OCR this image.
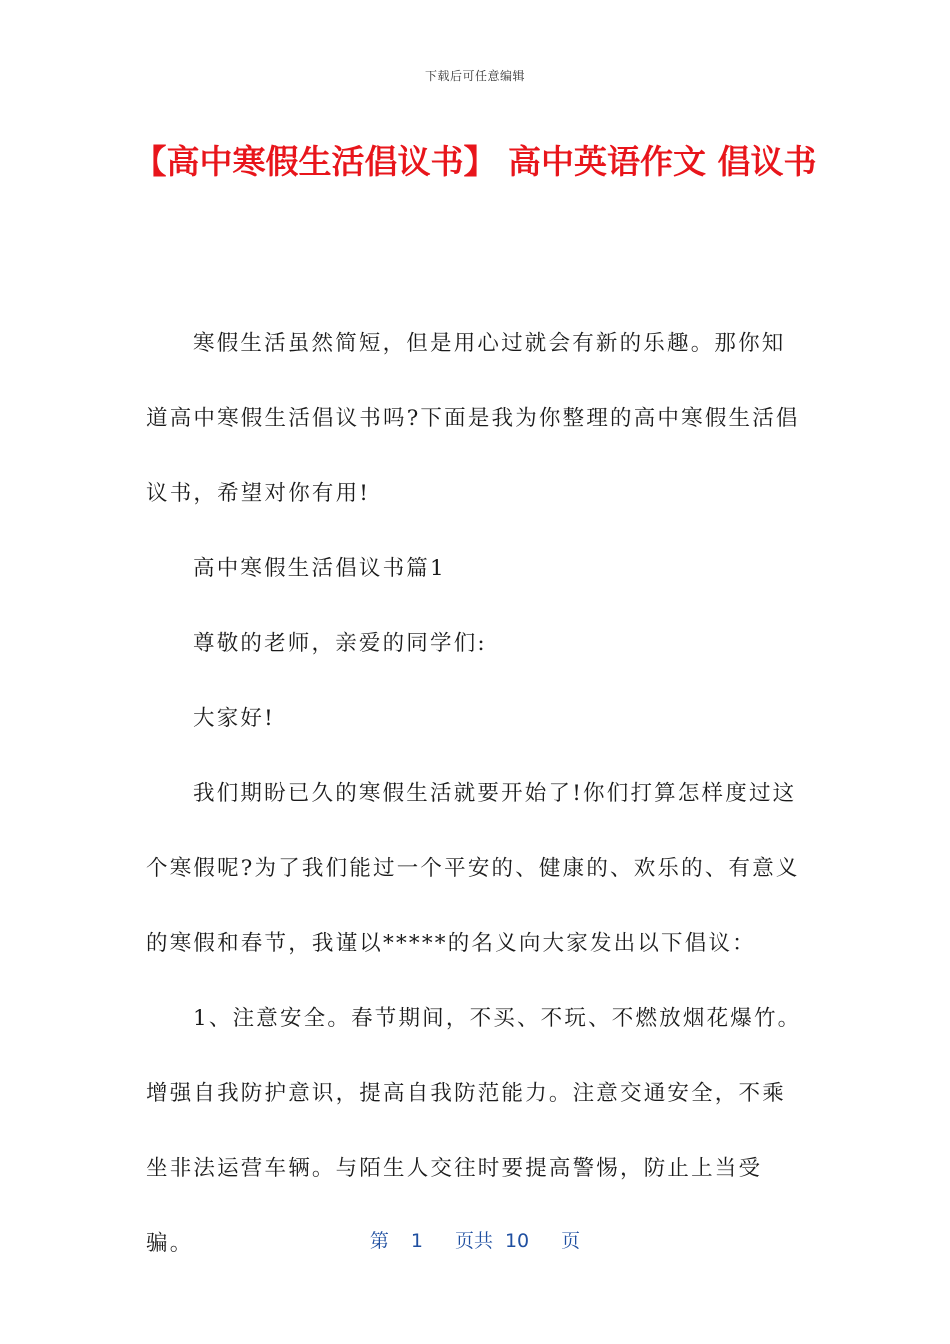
下载后可任意编辑
【高中寒假生活倡议书】 高中英语作文 倡议书

寒假生活虽然简短，但是用心过就会有新的乐趣。那你知道高中寒假生活倡议书吗?下面是我为你整理的高中寒假生活倡议书，希望对你有用!

高中寒假生活倡议书篇1

尊敬的老师，亲爱的同学们:

大家好!

我们期盼已久的寒假生活就要开始了!你们打算怎样度过这个寒假呢?为了我们能过一个平安的、健康的、欢乐的、有意义的寒假和春节，我谨以*****的名义向大家发出以下倡议：

1、注意安全。春节期间，不买、不玩、不燃放烟花爆竹。增强自我防护意识，提高自我防范能力。注意交通安全，不乘坐非法运营车辆。与陌生人交往时要提高警惕，防止上当受骗。	第 1 页共 10 页
